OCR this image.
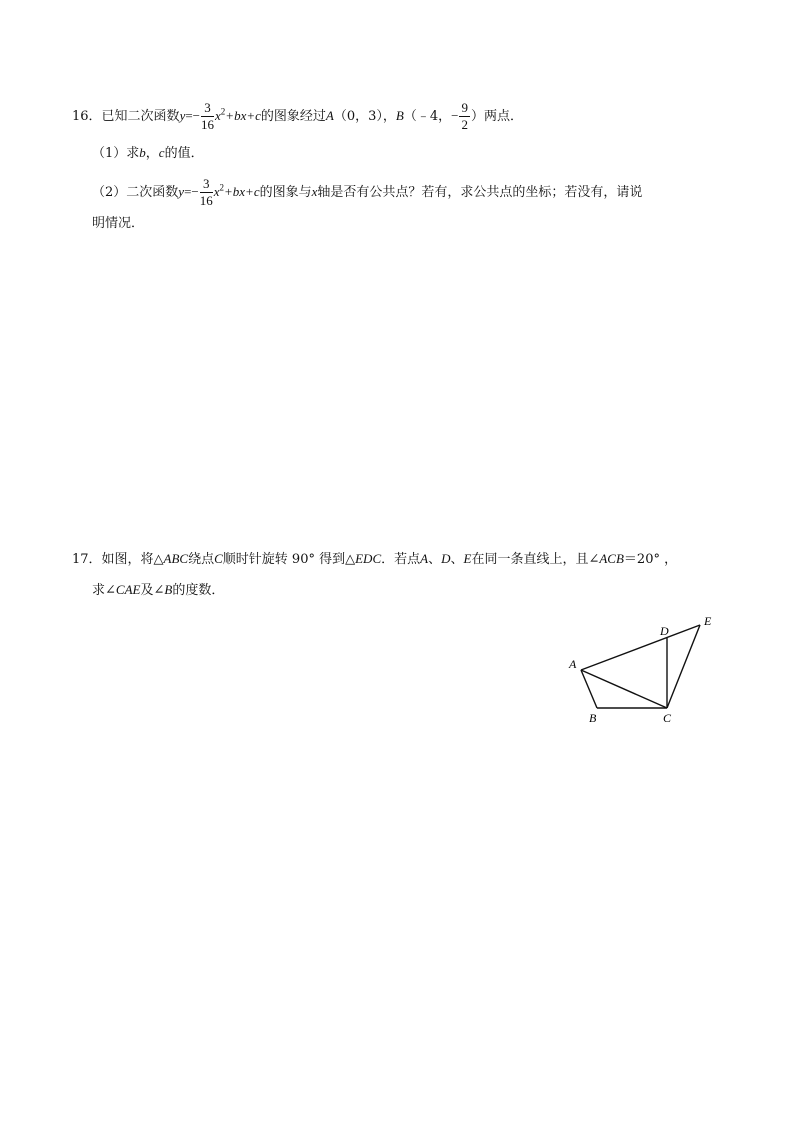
16．已知二次函数$y=- \frac{3}{16} x^2+bx+c$的图象经过A（0，3），B（﹣4，− $\frac{9}{2}$ ）两点．
（1）求b，c的值．
（2）二次函数$y=- \frac{3}{16} x^2+bx+c$的图象与x轴是否有公共点？若有，求公共点的坐标；若没有，请说
明情况．
17．如图，将△ABC绕点C顺时针旋转 90° 得到△EDC．若点A、D、E在同一条直线上，且∠ACB＝20° ，
求∠CAE及∠B的度数．
A
B	C
D
E
